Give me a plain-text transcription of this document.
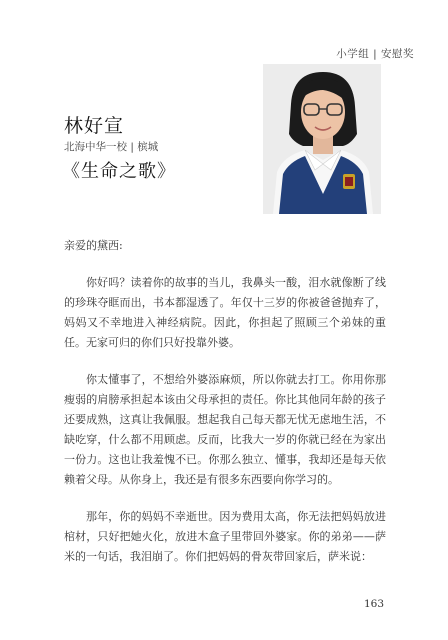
小学组 | 安慰奖
林好宣
北海中华一校 | 槟城
《生命之歌》

亲爱的黛西:

你好吗？读着你的故事的当儿，我鼻头一酸，泪水就像断了线的珍珠夺眶而出，书本都湿透了。年仅十三岁的你被爸爸抛弃了，妈妈又不幸地进入神经病院。因此，你担起了照顾三个弟妹的重任。无家可归的你们只好投靠外婆。

你太懂事了，不想给外婆添麻烦，所以你就去打工。你用你那瘦弱的肩膀承担起本该由父母承担的责任。你比其他同年龄的孩子还要成熟，这真让我佩服。想起我自己每天都无忧无虑地生活，不缺吃穿，什么都不用顾虑。反而，比我大一岁的你就已经在为家出一份力。这也让我羞愧不已。你那么独立、懂事，我却还是每天依赖着父母。从你身上，我还是有很多东西要向你学习的。

那年，你的妈妈不幸逝世。因为费用太高，你无法把妈妈放进棺材，只好把她火化，放进木盒子里带回外婆家。你的弟弟——萨米的一句话，我泪崩了。你们把妈妈的骨灰带回家后，萨米说：

163
